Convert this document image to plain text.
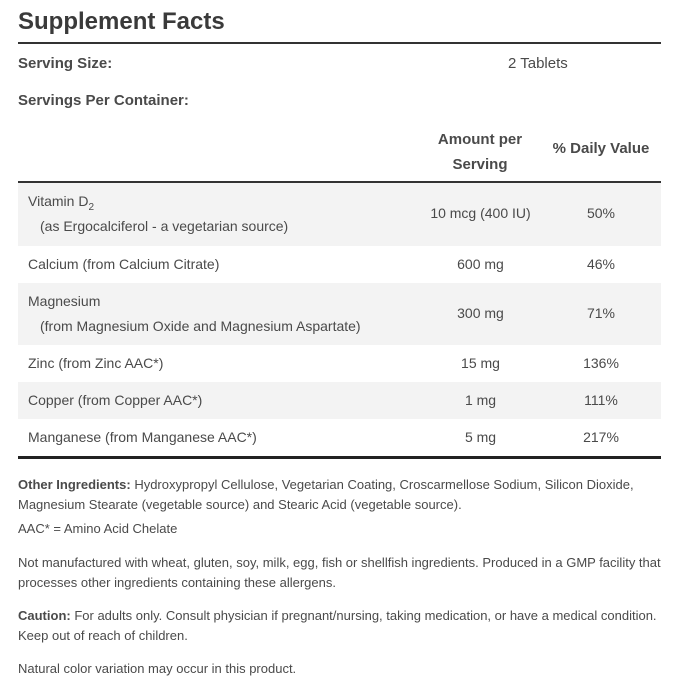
Supplement Facts
Serving Size:	2 Tablets
Servings Per Container:
Amount per
Serving
% Daily Value
Vitamin $D_2$
(as Ergocalciferol - a vegetarian source)
10 mcg (400 IU)	50%
Calcium (from Calcium Citrate)	600 mg	46%
Magnesium
(from Magnesium Oxide and Magnesium Aspartate)
300 mg	71%
Zinc (from Zinc AAC*)	15 mg	136%
Copper (from Copper AAC*)	1 mg	111%
Manganese (from Manganese AAC*)	5 mg	217%
Other Ingredients: Hydroxypropyl Cellulose, Vegetarian Coating, Croscarmellose Sodium, Silicon Dioxide, Magnesium Stearate (vegetable source) and Stearic Acid (vegetable source).
AAC* = Amino Acid Chelate
Not manufactured with wheat, gluten, soy, milk, egg, fish or shellfish ingredients. Produced in a GMP facility that processes other ingredients containing these allergens.
Caution: For adults only. Consult physician if pregnant/nursing, taking medication, or have a medical condition. Keep out of reach of children.
Natural color variation may occur in this product.
